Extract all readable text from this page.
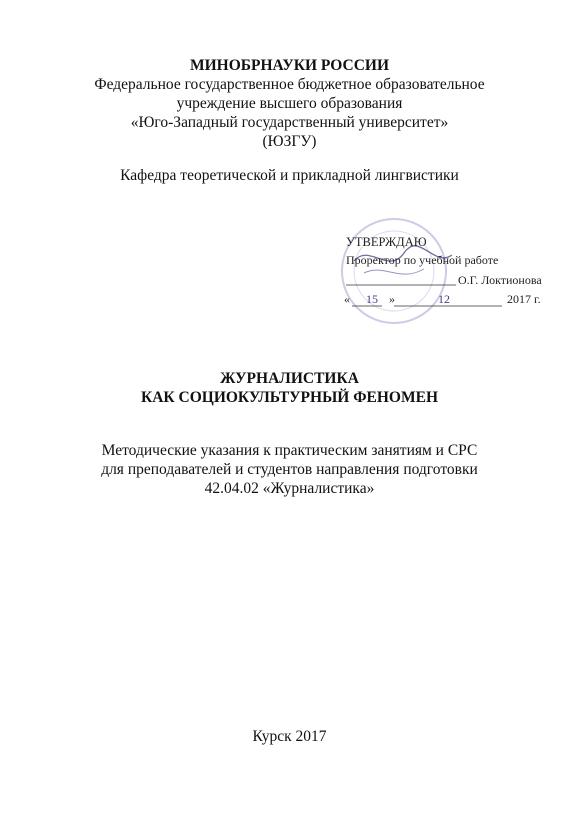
МИНОБРНАУКИ РОССИИ
Федеральное государственное бюджетное образовательное
учреждение высшего образования
«Юго-Западный государственный университет»
(ЮЗГУ)
Кафедра теоретической и прикладной лингвистики
УТВЕРЖДАЮ
Проректор по учебной работе
О.Г. Локтионова
« 15 »	12	2017 г.
ЖУРНАЛИСТИКА
КАК СОЦИОКУЛЬТУРНЫЙ ФЕНОМЕН
Методические указания к практическим занятиям и СРС
для преподавателей и студентов направления подготовки
42.04.02 «Журналистика»
Курск 2017
